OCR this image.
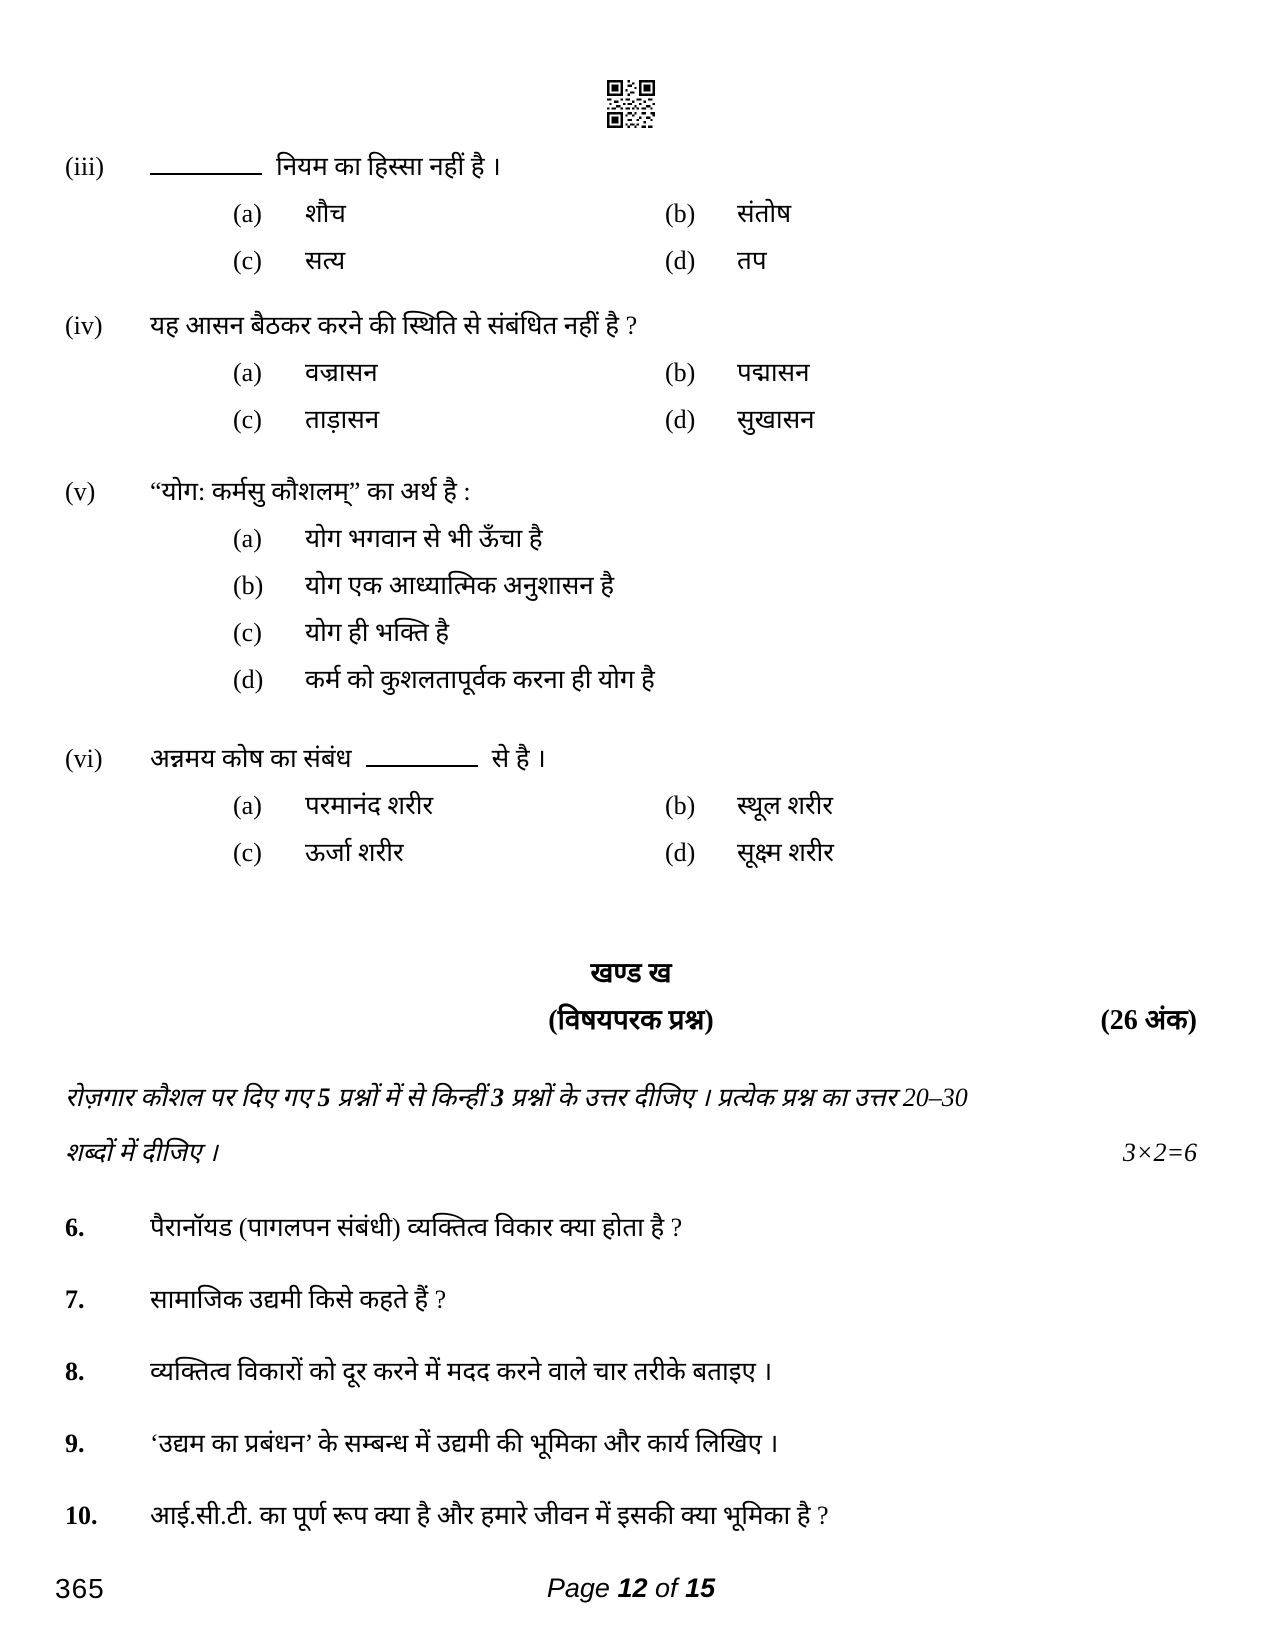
(iii)	नियम का हिस्सा नहीं है ।
(a)	शौच	(b)	संतोष
(c)	सत्य	(d)	तप
(iv)	यह आसन बैठकर करने की स्थिति से संबंधित नहीं है ?
(a)	वज्रासन	(b)	पद्मासन
(c)	ताड़ासन	(d)	सुखासन
(v)	“योग: कर्मसु कौशलम्” का अर्थ है :
(a)	योग भगवान से भी ऊँचा है
(b)	योग एक आध्यात्मिक अनुशासन है
(c)	योग ही भक्ति है
(d)	कर्म को कुशलतापूर्वक करना ही योग है
(vi)	अन्नमय कोष का संबंध	से है ।
(a)	परमानंद शरीर	(b)	स्थूल शरीर
(c)	ऊर्जा शरीर	(d)	सूक्ष्म शरीर
खण्ड ख
(विषयपरक प्रश्न)	(26 अंक)
रोज़गार कौशल पर दिए गए 5 प्रश्नों में से किन्हीं 3 प्रश्नों के उत्तर दीजिए । प्रत्येक प्रश्न का उत्तर 20–30
शब्दों में दीजिए ।	3×2=6
6.	पैरानॉयड (पागलपन संबंधी) व्यक्तित्व विकार क्या होता है ?
7.	सामाजिक उद्यमी किसे कहते हैं ?
8.	व्यक्तित्व विकारों को दूर करने में मदद करने वाले चार तरीके बताइए ।
9.	‘उद्यम का प्रबंधन’ के सम्बन्ध में उद्यमी की भूमिका और कार्य लिखिए ।
10.	आई.सी.टी. का पूर्ण रूप क्या है और हमारे जीवन में इसकी क्या भूमिका है ?
365	Page 12 of 15
